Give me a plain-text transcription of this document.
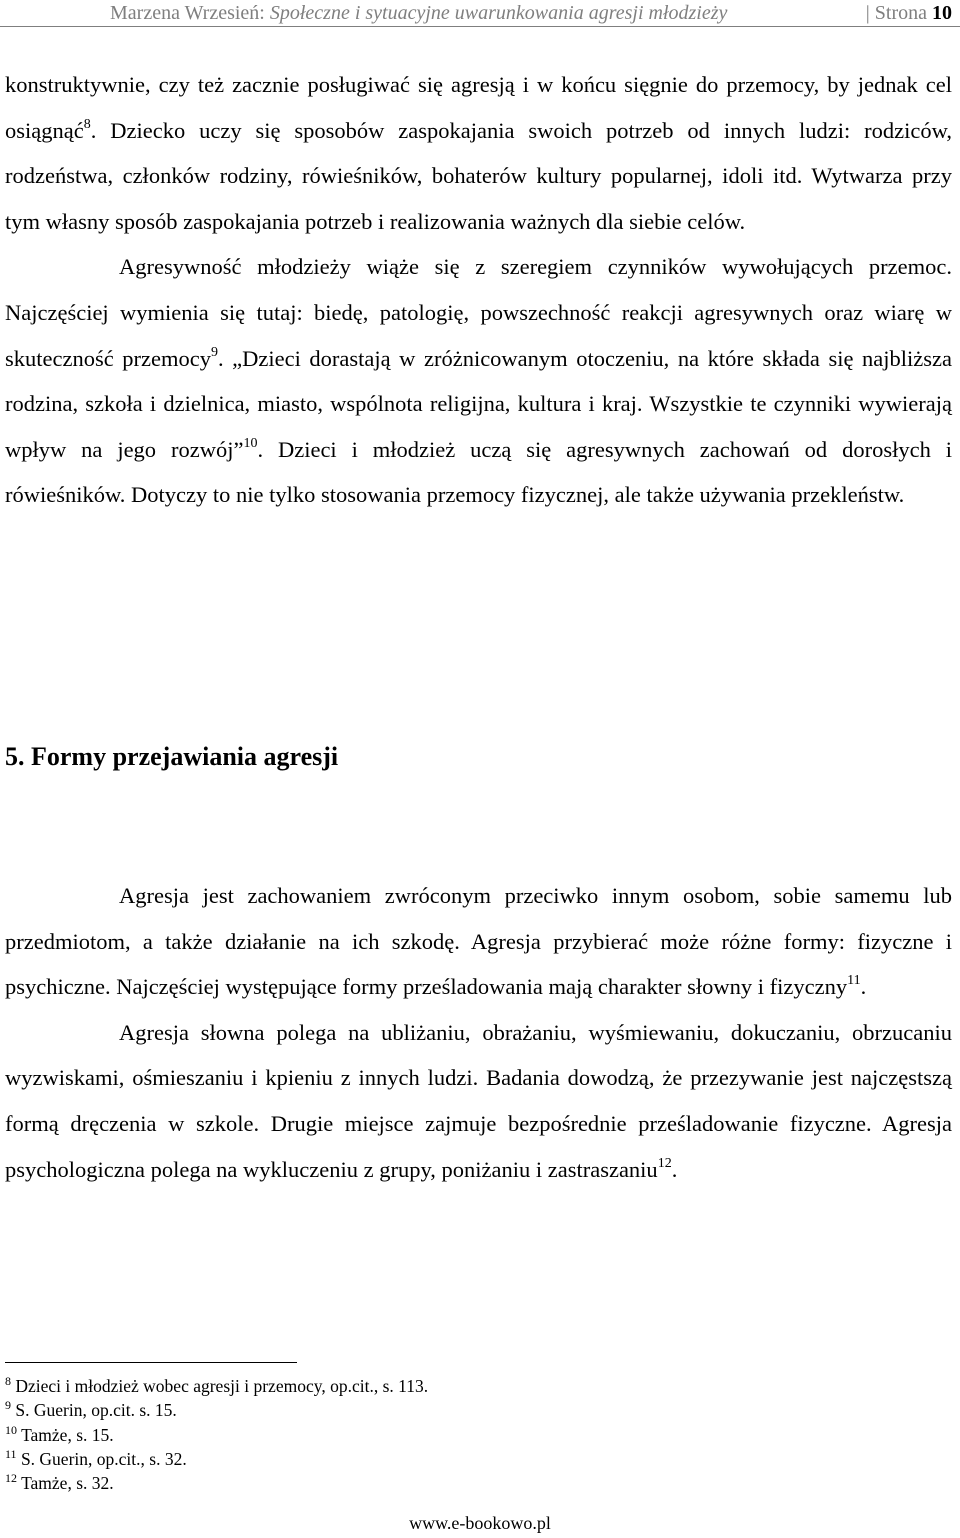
Marzena Wrzesień: Społeczne i sytuacyjne uwarunkowania agresji młodzieży	| Strona 10

konstruktywnie, czy też zacznie posługiwać się agresją i w końcu sięgnie do przemocy, by jednak cel osiągnąć$^8$. Dziecko uczy się sposobów zaspokajania swoich potrzeb od innych ludzi: rodziców, rodzeństwa, członków rodziny, rówieśników, bohaterów kultury popularnej, idoli itd. Wytwarza przy tym własny sposób zaspokajania potrzeb i realizowania ważnych dla siebie celów.

Agresywność młodzieży wiąże się z szeregiem czynników wywołujących przemoc. Najczęściej wymienia się tutaj: biedę, patologię, powszechność reakcji agresywnych oraz wiarę w skuteczność przemocy$^9$. „Dzieci dorastają w zróżnicowanym otoczeniu, na które składa się najbliższa rodzina, szkoła i dzielnica, miasto, wspólnota religijna, kultura i kraj. Wszystkie te czynniki wywierają wpływ na jego rozwój”$^{10}$. Dzieci i młodzież uczą się agresywnych zachowań od dorosłych i rówieśników. Dotyczy to nie tylko stosowania przemocy fizycznej, ale także używania przekleństw.

5. Formy przejawiania agresji

Agresja jest zachowaniem zwróconym przeciwko innym osobom, sobie samemu lub przedmiotom, a także działanie na ich szkodę. Agresja przybierać może różne formy: fizyczne i psychiczne. Najczęściej występujące formy prześladowania mają charakter słowny i fizyczny$^{11}$.

Agresja słowna polega na ubliżaniu, obrażaniu, wyśmiewaniu, dokuczaniu, obrzucaniu wyzwiskami, ośmieszaniu i kpieniu z innych ludzi. Badania dowodzą, że przezywanie jest najczęstszą formą dręczenia w szkole. Drugie miejsce zajmuje bezpośrednie prześladowanie fizyczne. Agresja psychologiczna polega na wykluczeniu z grupy, poniżaniu i zastraszaniu$^{12}$.

$^8$ Dzieci i młodzież wobec agresji i przemocy, op.cit., s. 113.
$^9$ S. Guerin, op.cit. s. 15.
$^{10}$ Tamże, s. 15.
$^{11}$ S. Guerin, op.cit., s. 32.
$^{12}$ Tamże, s. 32.
www.e-bookowo.pl
